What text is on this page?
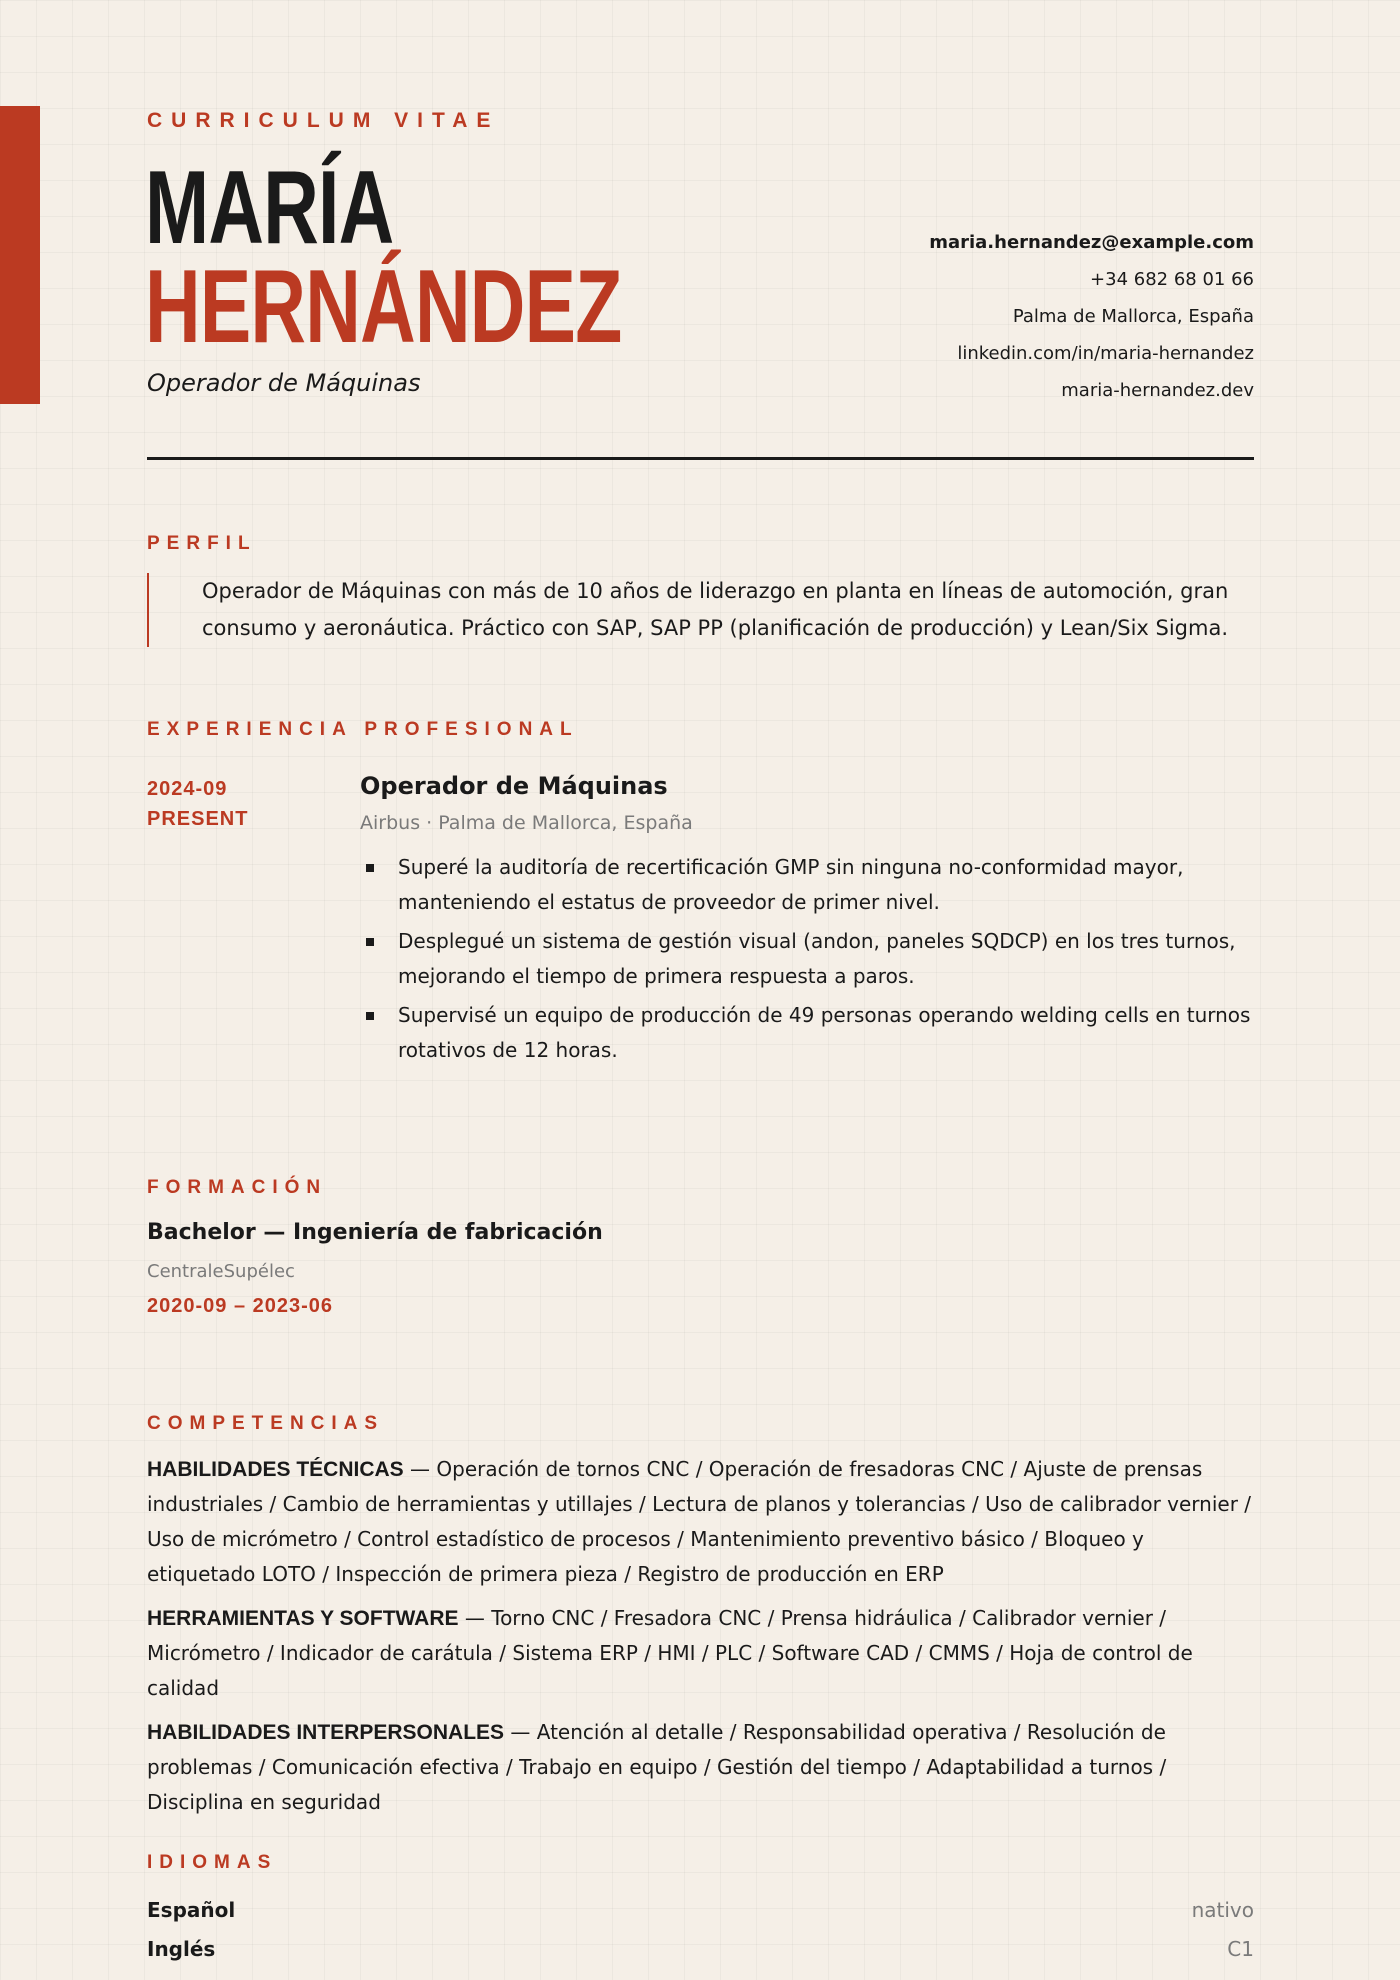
CURRICULUM VITAE
MARÍA
HERNÁNDEZ
Operador de Máquinas
maria.hernandez@example.com
+34 682 68 01 66
Palma de Mallorca, España
linkedin.com/in/maria-hernandez
maria-hernandez.dev
PERFIL
Operador de Máquinas con más de 10 años de liderazgo en planta en líneas de automoción, gran consumo y aeronáutica. Práctico con SAP, SAP PP (planificación de producción) y Lean/Six Sigma.
EXPERIENCIA PROFESIONAL
2024-09
PRESENT
Operador de Máquinas
Airbus · Palma de Mallorca, España
Superé la auditoría de recertificación GMP sin ninguna no-conformidad mayor, manteniendo el estatus de proveedor de primer nivel.
Desplegué un sistema de gestión visual (andon, paneles SQDCP) en los tres turnos, mejorando el tiempo de primera respuesta a paros.
Supervisé un equipo de producción de 49 personas operando welding cells en turnos rotativos de 12 horas.
FORMACIÓN
Bachelor — Ingeniería de fabricación
CentraleSupélec
2020-09 – 2023-06
COMPETENCIAS
HABILIDADES TÉCNICAS — Operación de tornos CNC / Operación de fresadoras CNC / Ajuste de prensas industriales / Cambio de herramientas y utillajes / Lectura de planos y tolerancias / Uso de calibrador vernier / Uso de micrómetro / Control estadístico de procesos / Mantenimiento preventivo básico / Bloqueo y etiquetado LOTO / Inspección de primera pieza / Registro de producción en ERP
HERRAMIENTAS Y SOFTWARE — Torno CNC / Fresadora CNC / Prensa hidráulica / Calibrador vernier / Micrómetro / Indicador de carátula / Sistema ERP / HMI / PLC / Software CAD / CMMS / Hoja de control de calidad
HABILIDADES INTERPERSONALES — Atención al detalle / Responsabilidad operativa / Resolución de problemas / Comunicación efectiva / Trabajo en equipo / Gestión del tiempo / Adaptabilidad a turnos / Disciplina en seguridad
IDIOMAS
Español	nativo
Inglés	C1
